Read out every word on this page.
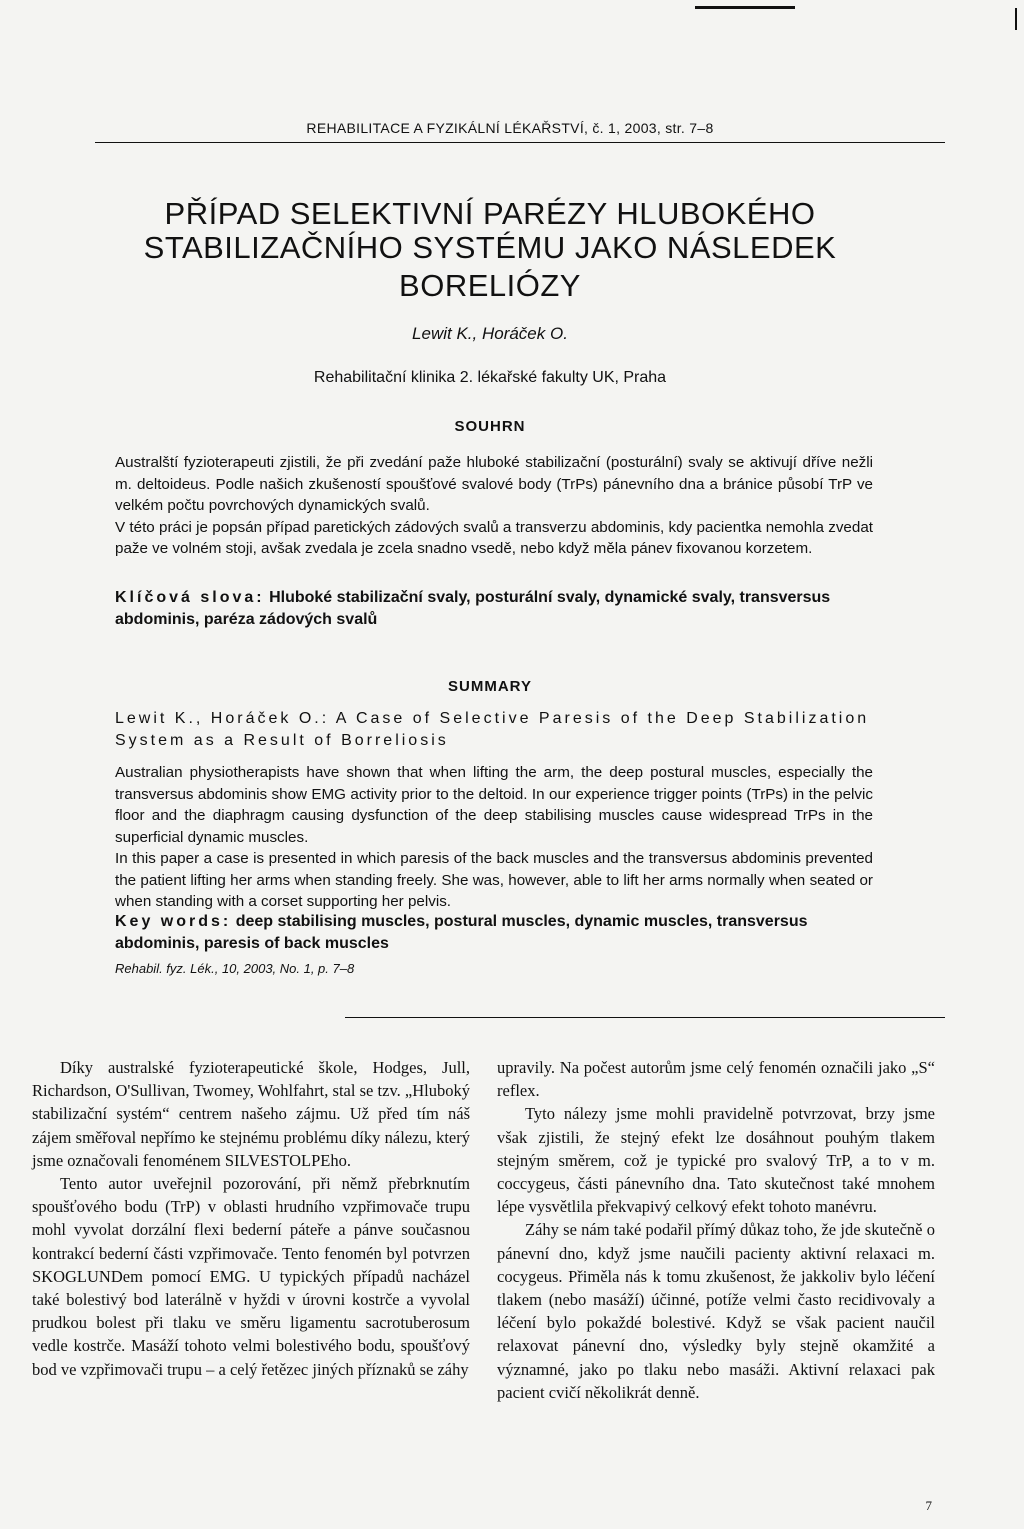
REHABILITACE A FYZIKÁLNÍ LÉKAŘSTVÍ, č. 1, 2003, str. 7–8
PŘÍPAD SELEKTIVNÍ PARÉZY HLUBOKÉHO
STABILIZAČNÍHO SYSTÉMU JAKO NÁSLEDEK
BORELIÓZY
Lewit K., Horáček O.
Rehabilitační klinika 2. lékařské fakulty UK, Praha
SOUHRN

Australští fyzioterapeuti zjistili, že při zvedání paže hluboké stabilizační (posturální) svaly se aktivují dříve nežli m. deltoideus. Podle našich zkušeností spoušťové svalové body (TrPs) pánevního dna a bránice působí TrP ve velkém počtu povrchových dynamických svalů.

V této práci je popsán případ paretických zádových svalů a transverzu abdominis, kdy pacientka nemohla zvedat paže ve volném stoji, avšak zvedala je zcela snadno vsedě, nebo když měla pánev fixovanou korzetem.

Klíčová slova: Hluboké stabilizační svaly, posturální svaly, dynamické svaly, transversus abdominis, paréza zádových svalů
SUMMARY
Lewit K., Horáček O.: A Case of Selective Paresis of the Deep Stabilization System as a Result of Borreliosis

Australian physiotherapists have shown that when lifting the arm, the deep postural muscles, especially the transversus abdominis show EMG activity prior to the deltoid. In our experience trigger points (TrPs) in the pelvic floor and the diaphragm causing dysfunction of the deep stabilising muscles cause widespread TrPs in the superficial dynamic muscles.

In this paper a case is presented in which paresis of the back muscles and the transversus abdominis prevented the patient lifting her arms when standing freely. She was, however, able to lift her arms normally when seated or when standing with a corset supporting her pelvis.

Key words: deep stabilising muscles, postural muscles, dynamic muscles, transversus abdominis, paresis of back muscles
Rehabil. fyz. Lék., 10, 2003, No. 1, p. 7–8

Díky australské fyzioterapeutické škole, Hodges, Jull, Richardson, O'Sullivan, Twomey, Wohlfahrt, stal se tzv. „Hluboký stabilizační systém“ centrem našeho zájmu. Už před tím náš zájem směřoval nepřímo ke stejnému problému díky nálezu, který jsme označovali fenoménem SILVESTOLPEho.

Tento autor uveřejnil pozorování, při němž přebrknutím spoušťového bodu (TrP) v oblasti hrudního vzpřimovače trupu mohl vyvolat dorzální flexi bederní páteře a pánve současnou kontrakcí bederní části vzpřimovače. Tento fenomén byl potvrzen SKOGLUNDem pomocí EMG. U typických případů nacházel také bolestivý bod laterálně v hyždi v úrovni kostrče a vyvolal prudkou bolest při tlaku ve směru ligamentu sacrotuberosum vedle kostrče. Masáží tohoto velmi bolestivého bodu, spoušťový bod ve vzpřimovači trupu – a celý řetězec jiných příznaků se záhy

upravily. Na počest autorům jsme celý fenomén označili jako „S“ reflex.

Tyto nálezy jsme mohli pravidelně potvrzovat, brzy jsme však zjistili, že stejný efekt lze dosáhnout pouhým tlakem stejným směrem, což je typické pro svalový TrP, a to v m. coccygeus, části pánevního dna. Tato skutečnost také mnohem lépe vysvětlila překvapivý celkový efekt tohoto manévru.

Záhy se nám také podařil přímý důkaz toho, že jde skutečně o pánevní dno, když jsme naučili pacienty aktivní relaxaci m. cocygeus. Přiměla nás k tomu zkušenost, že jakkoliv bylo léčení tlakem (nebo masáží) účinné, potíže velmi často recidivovaly a léčení bylo pokaždé bolestivé. Když se však pacient naučil relaxovat pánevní dno, výsledky byly stejně okamžité a významné, jako po tlaku nebo masáži. Aktivní relaxaci pak pacient cvičí několikrát denně.

7
